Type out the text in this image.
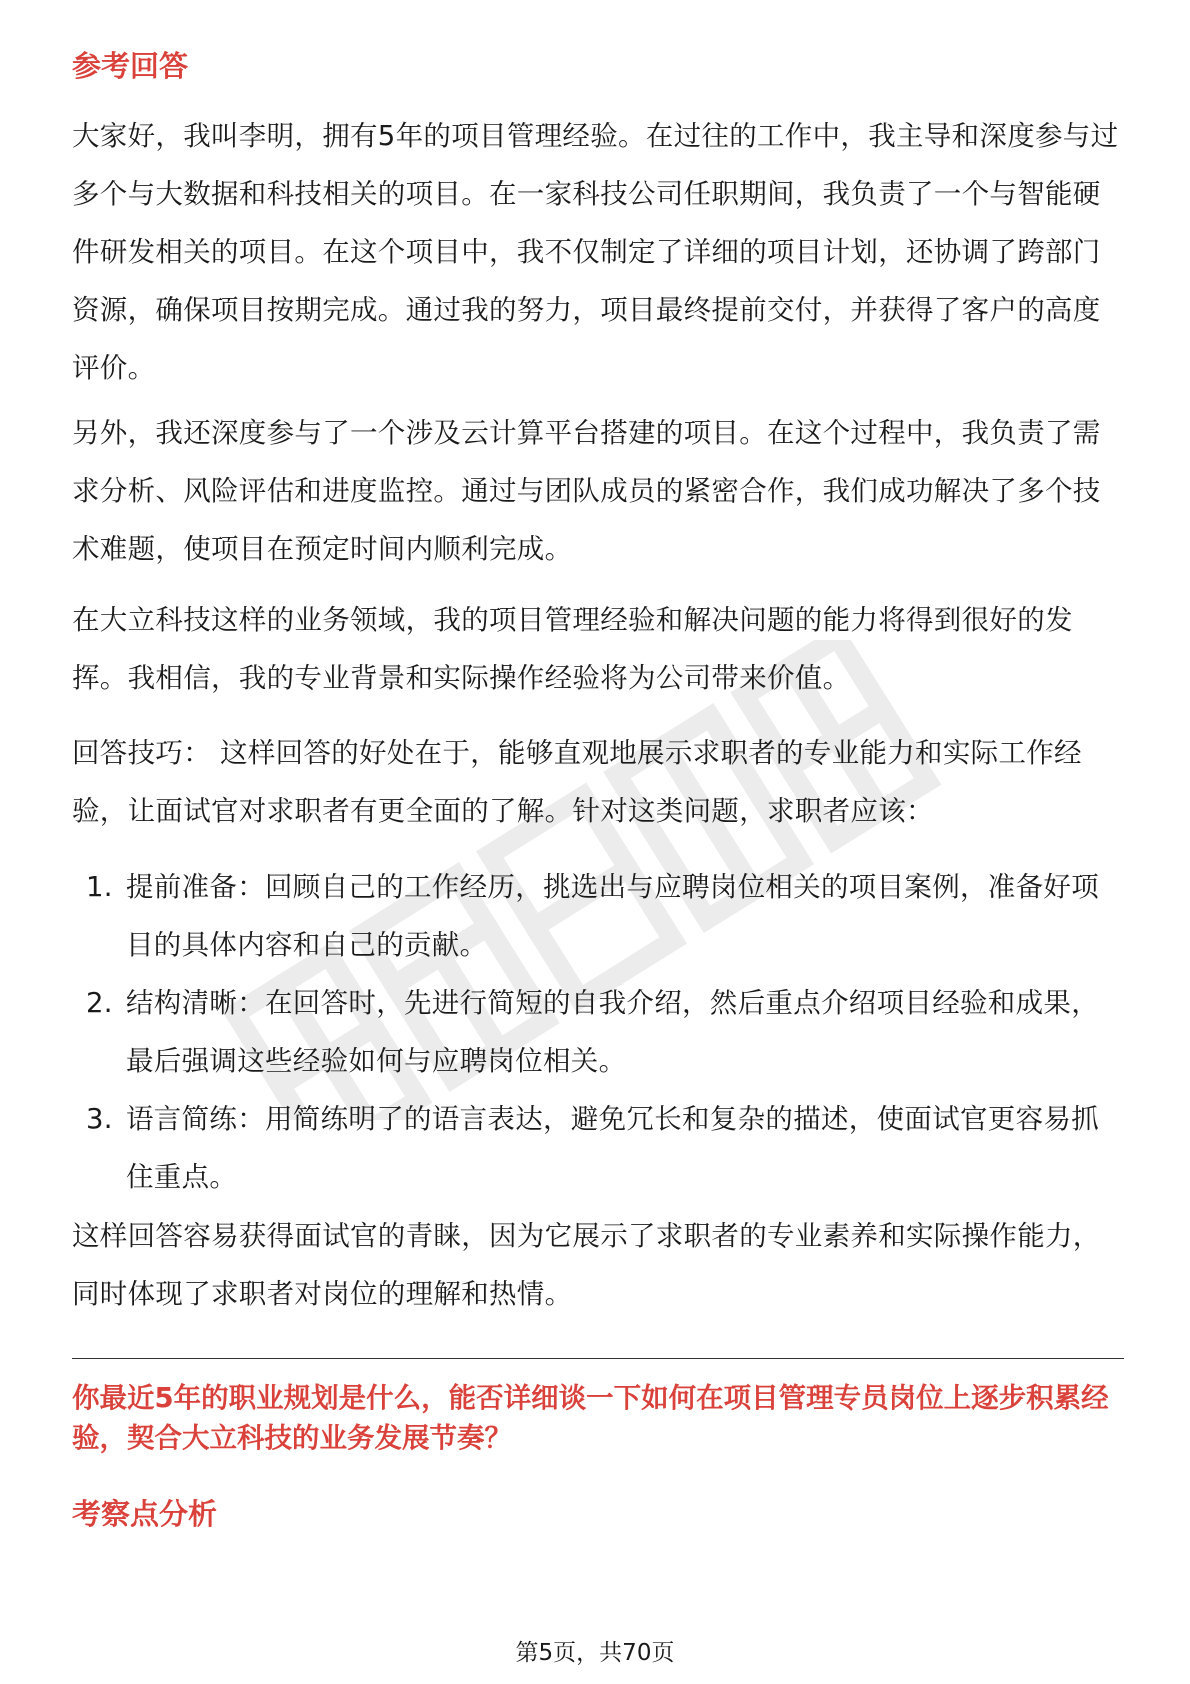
参考回答

大家好，我叫李明，拥有5年的项目管理经验。在过往的工作中，我主导和深度参与过多个与大数据和科技相关的项目。在一家科技公司任职期间，我负责了一个与智能硬件研发相关的项目。在这个项目中，我不仅制定了详细的项目计划，还协调了跨部门资源，确保项目按期完成。通过我的努力，项目最终提前交付，并获得了客户的高度评价。

另外，我还深度参与了一个涉及云计算平台搭建的项目。在这个过程中，我负责了需求分析、风险评估和进度监控。通过与团队成员的紧密合作，我们成功解决了多个技术难题，使项目在预定时间内顺利完成。

在大立科技这样的业务领域，我的项目管理经验和解决问题的能力将得到很好的发挥。我相信，我的专业背景和实际操作经验将为公司带来价值。

回答技巧： 这样回答的好处在于，能够直观地展示求职者的专业能力和实际工作经验，让面试官对求职者有更全面的了解。针对这类问题，求职者应该：

1. 提前准备：回顾自己的工作经历，挑选出与应聘岗位相关的项目案例，准备好项目的具体内容和自己的贡献。
2. 结构清晰：在回答时，先进行简短的自我介绍，然后重点介绍项目经验和成果，最后强调这些经验如何与应聘岗位相关。
3. 语言简练：用简练明了的语言表达，避免冗长和复杂的描述，使面试官更容易抓住重点。

这样回答容易获得面试官的青睐，因为它展示了求职者的专业素养和实际操作能力，同时体现了求职者对岗位的理解和热情。

你最近5年的职业规划是什么，能否详细谈一下如何在项目管理专员岗位上逐步积累经验，契合大立科技的业务发展节奏？

考察点分析
第5页，共70页
